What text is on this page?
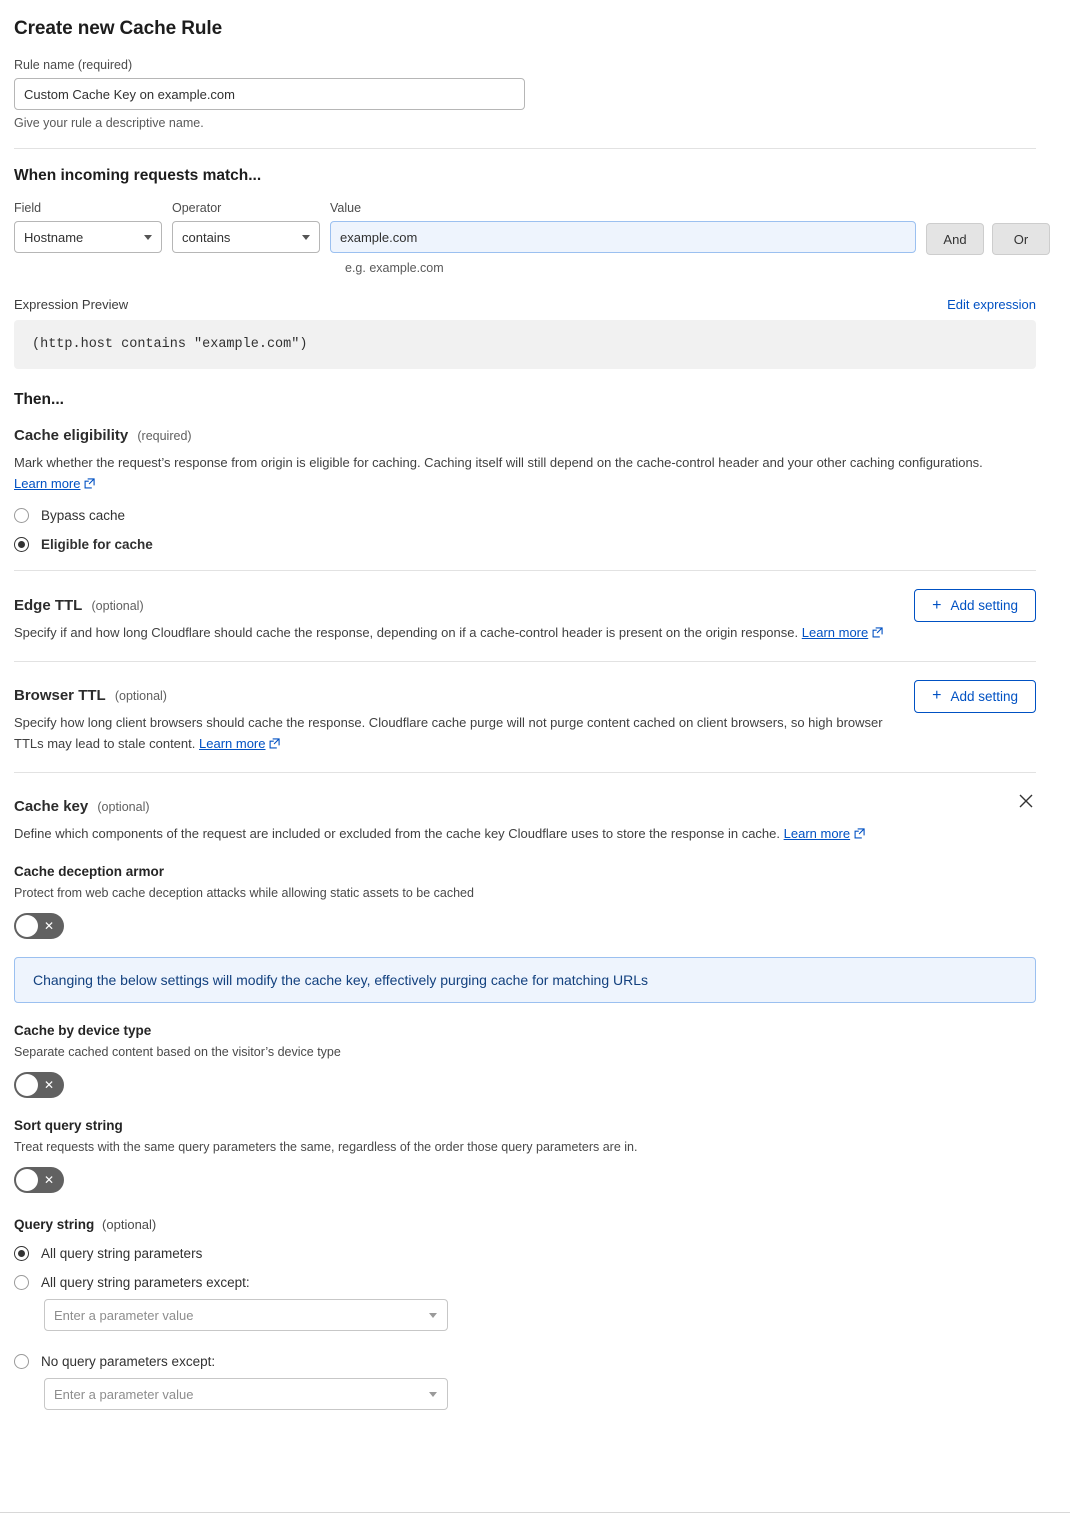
Create new Cache Rule
Rule name (required)
Custom Cache Key on example.com
Give your rule a descriptive name.
When incoming requests match...
Field
Hostname
Operator
contains
Value
example.com
And	Or
e.g. example.com
Expression Preview	Edit expression
(http.host contains "example.com")
Then...
Cache eligibility (required)
Mark whether the request’s response from origin is eligible for caching. Caching itself will still depend on the cache-control header and your other caching configurations. Learn more
Bypass cache
Eligible for cache
Edge TTL (optional)
Specify if and how long Cloudflare should cache the response, depending on if a cache-control header is present on the origin response. Learn more
+ Add setting
Browser TTL (optional)
Specify how long client browsers should cache the response. Cloudflare cache purge will not purge content cached on client browsers, so high browser TTLs may lead to stale content. Learn more
+ Add setting
Cache key (optional)
Define which components of the request are included or excluded from the cache key Cloudflare uses to store the response in cache. Learn more
Cache deception armor
Protect from web cache deception attacks while allowing static assets to be cached
✕
Changing the below settings will modify the cache key, effectively purging cache for matching URLs
Cache by device type
Separate cached content based on the visitor’s device type
✕
Sort query string
Treat requests with the same query parameters the same, regardless of the order those query parameters are in.
✕
Query string (optional)
All query string parameters
All query string parameters except:
Enter a parameter value
No query parameters except:
Enter a parameter value
